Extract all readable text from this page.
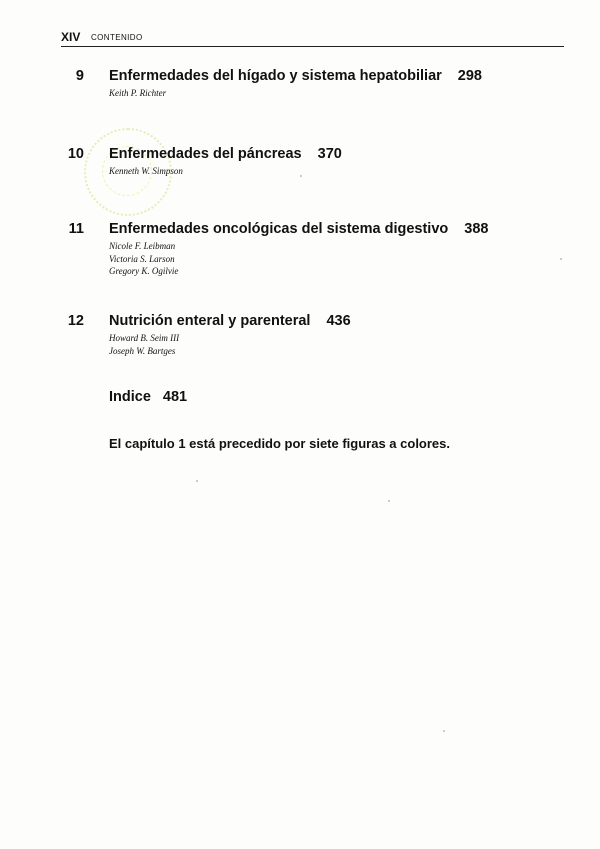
XIV CONTENIDO
9 Enfermedades del hígado y sistema hepatobiliar 298
Keith P. Richter
10 Enfermedades del páncreas 370
Kenneth W. Simpson
11 Enfermedades oncológicas del sistema digestivo 388
Nicole F. Leibman
Victoria S. Larson
Gregory K. Ogilvie
12 Nutrición enteral y parenteral 436
Howard B. Seim III
Joseph W. Bartges
Indice 481
El capítulo 1 está precedido por siete figuras a colores.
